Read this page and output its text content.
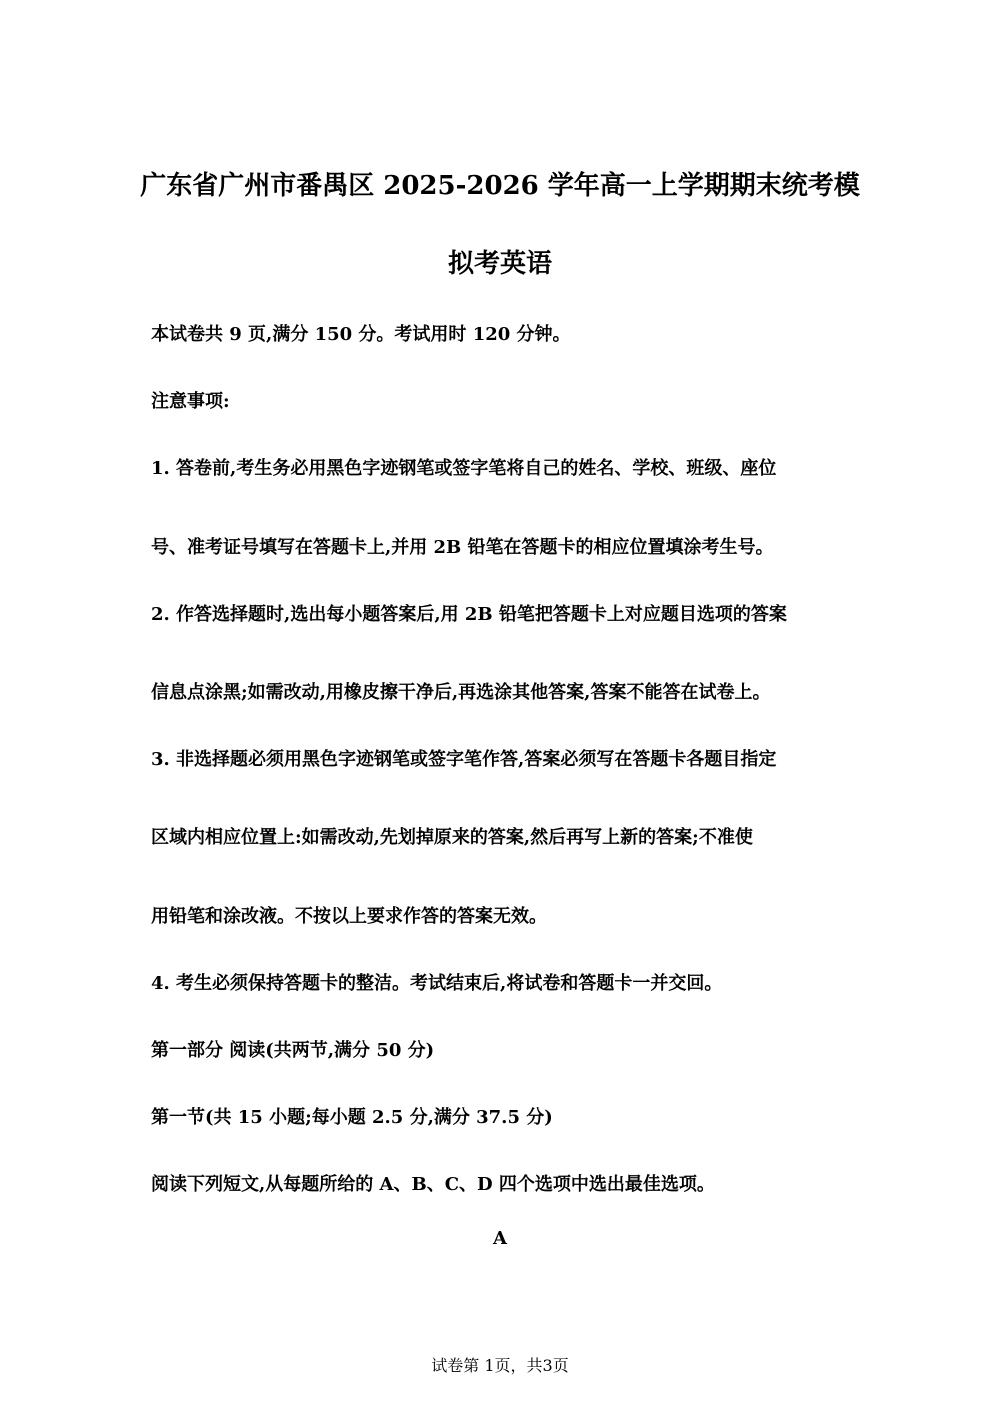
广东省广州市番禺区 2025-2026 学年高一上学期期末统考模
拟考英语
本试卷共 9 页,满分 150 分。考试用时 120 分钟。
注意事项:
1. 答卷前,考生务必用黑色字迹钢笔或签字笔将自己的姓名、学校、班级、座位
号、准考证号填写在答题卡上,并用 2B 铅笔在答题卡的相应位置填涂考生号。
2. 作答选择题时,选出每小题答案后,用 2B 铅笔把答题卡上对应题目选项的答案
信息点涂黑;如需改动,用橡皮擦干净后,再选涂其他答案,答案不能答在试卷上。
3. 非选择题必须用黑色字迹钢笔或签字笔作答,答案必须写在答题卡各题目指定
区域内相应位置上:如需改动,先划掉原来的答案,然后再写上新的答案;不准使
用铅笔和涂改液。不按以上要求作答的答案无效。
4. 考生必须保持答题卡的整洁。考试结束后,将试卷和答题卡一并交回。
第一部分 阅读(共两节,满分 50 分)
第一节(共 15 小题;每小题 2.5 分,满分 37.5 分)
阅读下列短文,从每题所给的 A、B、C、D 四个选项中选出最佳选项。
A
试卷第 1页，共3页
